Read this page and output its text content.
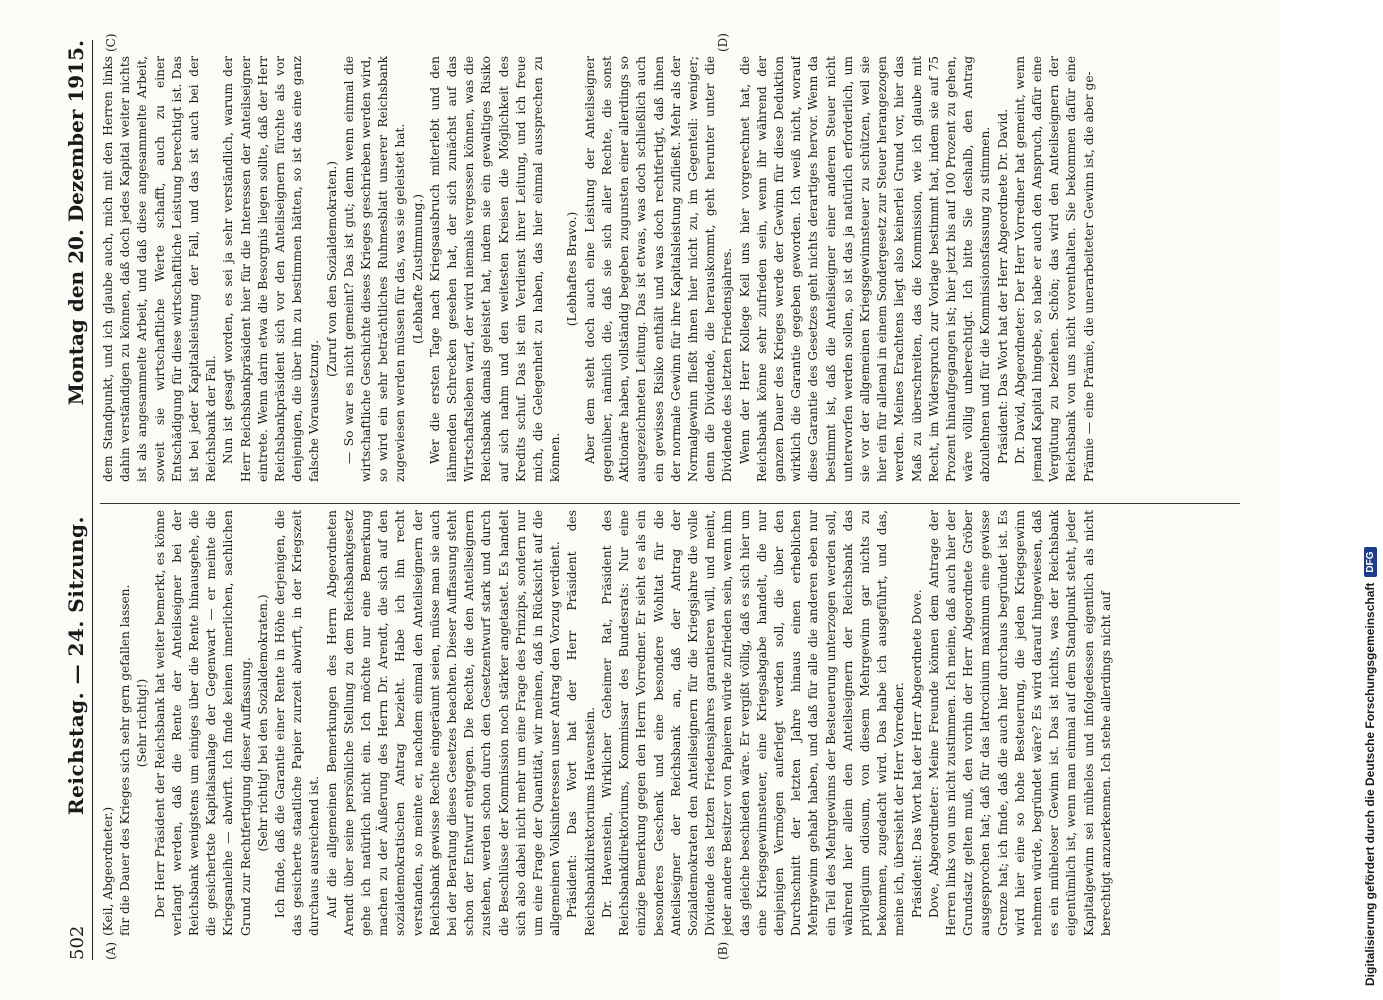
502
Reichstag. — 24. Sitzung.
Montag den 20. Dezember 1915.
(A)	(B)
(C)	(D)

(Keil, Abgeordneter.) für die Dauer des Krieges sich sehr gern gefallen lassen. (Sehr richtig!) Der Herr Präsident der Reichsbank hat weiter bemerkt, es könne verlangt werden, daß die Rente der Anteilseigner bei der Reichsbank wenigstens um einiges über die Rente hinausgehe, die die gesichertste Kapitalsanlage der Gegenwart — er meinte die Kriegsanleihe — abwirft. Ich finde keinen innerlichen, sachlichen Grund zur Rechtfertigung dieser Auffassung. (Sehr richtig! bei den Sozialdemokraten.) Ich finde, daß die Garantie einer Rente in Höhe derjenigen, die das gesicherte staatliche Papier zurzeit abwirft, in der Kriegszeit durchaus ausreichend ist. Auf die allgemeinen Bemerkungen des Herrn Abgeordneten Arendt über seine persönliche Stellung zu dem Reichsbankgesetz gehe ich natürlich nicht ein. Ich möchte nur eine Bemerkung machen zu der Äußerung des Herrn Dr. Arendt, die sich auf den sozialdemokratischen Antrag bezieht. Habe ich ihn recht verstanden, so meinte er, nachdem einmal den Anteilseignern der Reichsbank gewisse Rechte eingeräumt seien, müsse man sie auch bei der Beratung dieses Gesetzes beachten. Dieser Auffassung steht schon der Entwurf entgegen. Die Rechte, die den Anteilseignern zustehen, werden schon durch den Gesetzentwurf stark und durch die Beschlüsse der Kommission noch stärker angetastet. Es handelt sich also dabei nicht mehr um eine Frage des Prinzips, sondern nur um eine Frage der Quantität, wir meinen, daß in Rücksicht auf die allgemeinen Volksinteressen unser Antrag den Vorzug verdient. Präsident: Das Wort hat der Herr Präsident des Reichsbankdirektoriums Havenstein. Dr. Havenstein, Wirklicher Geheimer Rat, Präsident des Reichsbankdirektoriums, Kommissar des Bundesrats: Nur eine einzige Bemerkung gegen den Herrn Vorredner. Er sieht es als ein besonderes Geschenk und eine besondere Wohltat für die Anteilseigner der Reichsbank an, daß der Antrag der Sozialdemokraten den Anteilseignern für die Kriegsjahre die volle Dividende des letzten Friedensjahres garantieren will, und meint, jeder andere Besitzer von Papieren würde zufrieden sein, wenn ihm das gleiche beschieden wäre. Er vergißt völlig, daß es sich hier um eine Kriegsgewinnsteuer, eine Kriegsabgabe handelt, die nur denjenigen Vermögen auferlegt werden soll, die über den Durchschnitt der letzten Jahre hinaus einen erheblichen Mehrgewinn gehabt haben, und daß für alle die anderen eben nur ein Teil des Mehrgewinns der Besteuerung unterzogen werden soll, während hier allein den Anteilseignern der Reichsbank das privilegium odiosum, von diesem Mehrgewinn gar nichts zu bekommen, zugedacht wird. Das habe ich ausgeführt, und das, meine ich, übersieht der Herr Vorredner. Präsident: Das Wort hat der Herr Abgeordnete Dove. Dove, Abgeordneter: Meine Freunde können dem Antrage der Herren links von uns nicht zustimmen. Ich meine, daß auch hier der Grundsatz gelten muß, den vorhin der Herr Abgeordnete Gröber ausgesprochen hat; daß für das latrocinium maximum eine gewisse Grenze hat; ich finde, daß die auch hier durchaus begründet ist. Es wird hier eine so hohe Besteuerung, die jeden Kriegsgewinn nehmen würde, begründet wäre? Es wird darauf hingewiesen, daß es ein müheloser Gewinn ist. Das ist nichts, was der Reichsbank eigentümlich ist, wenn man einmal auf dem Standpunkt steht, jeder Kapitalgewinn sei mühelos und infolgedessen eigentlich als nicht berechtigt anzuerkennen. Ich stehe allerdings nicht auf

dem Standpunkt, und ich glaube auch, mich mit den Herren links dahin verständigen zu können, daß doch jedes Kapital weiter nichts ist als angesammelte Arbeit, und daß diese angesammelte Arbeit, soweit sie wirtschaftliche Werte schafft, auch zu einer Entschädigung für diese wirtschaftliche Leistung berechtigt ist. Das ist bei jeder Kapitalsleistung der Fall, und das ist auch bei der Reichsbank der Fall. Nun ist gesagt worden, es sei ja sehr verständlich, warum der Herr Reichsbankpräsident hier für die Interessen der Anteilseigner eintrete. Wenn darin etwa die Besorgnis liegen sollte, daß der Herr Reichsbankpräsident sich vor den Anteilseignern fürchte als vor denjenigen, die über ihn zu bestimmen hätten, so ist das eine ganz falsche Voraussetzung.

(Zuruf von den Sozialdemokraten.) — So war es nicht gemeint? Das ist gut; denn wenn einmal die wirtschaftliche Geschichte dieses Krieges geschrieben werden wird, so wird ein sehr beträchtliches Ruhmesblatt unserer Reichsbank zugewiesen werden müssen für das, was sie geleistet hat. (Lebhafte Zustimmung.) Wer die ersten Tage nach Kriegsausbruch miterlebt und den lähmenden Schrecken gesehen hat, der sich zunächst auf das Wirtschaftsleben warf, der wird niemals vergessen können, was die Reichsbank damals geleistet hat, indem sie ein gewaltiges Risiko auf sich nahm und den weitesten Kreisen die Möglichkeit des Kredits schuf. Das ist ein Verdienst ihrer Leitung, und ich freue mich, die Gelegenheit zu haben, das hier einmal aussprechen zu können.

(Lebhaftes Bravo.) Aber dem steht doch auch eine Leistung der Anteilseigner gegenüber, nämlich die, daß sie sich aller Rechte, die sonst Aktionäre haben, vollständig begeben zugunsten einer allerdings so ausgezeichneten Leitung. Das ist etwas, was doch schließlich auch ein gewisses Risiko enthält und was doch rechtfertigt, daß ihnen der normale Gewinn für ihre Kapitalsleistung zufließt. Mehr als der Normalgewinn fließt ihnen hier nicht zu, im Gegenteil: weniger; denn die Dividende, die herauskommt, geht herunter unter die Dividende des letzten Friedensjahres. Wenn der Herr Kollege Keil uns hier vorgerechnet hat, die Reichsbank könne sehr zufrieden sein, wenn ihr während der ganzen Dauer des Krieges werde der Gewinn für diese Deduktion wirklich die Garantie gegeben geworden. Ich weiß nicht, worauf diese Garantie des Gesetzes geht nichts derartiges hervor. Wenn da bestimmt ist, daß die Anteilseigner einer anderen Steuer nicht unterworfen werden sollen, so ist das ja natürlich erforderlich, um sie vor der allgemeinen Kriegsgewinnsteuer zu schützen, weil sie hier ein für allemal in einem Sondergesetz zur Steuer herangezogen werden. Meines Erachtens liegt also keinerlei Grund vor, hier das Maß zu überschreiten, das die Kommission, wie ich glaube mit Recht, im Widerspruch zur Vorlage bestimmt hat, indem sie auf 75 Prozent hinaufgegangen ist; hier jetzt bis auf 100 Prozent zu gehen, wäre völlig unberechtigt. Ich bitte Sie deshalb, den Antrag abzulehnen und für die Kommissionsfassung zu stimmen. Präsident: Das Wort hat der Herr Abgeordnete Dr. David. Dr. David, Abgeordneter: Der Herr Vorredner hat gemeint, wenn jemand Kapital hingebe, so habe er auch den Anspruch, dafür eine Vergütung zu beziehen. Schön; das wird den Anteilseignern der Reichsbank von uns nicht vorenthalten. Sie bekommen dafür eine Prämie — eine Prämie, die unerarbeiteter Gewinn ist, die aber ge-

Digitalisierung gefördert durch die Deutsche Forschungsgemeinschaft
DFG
